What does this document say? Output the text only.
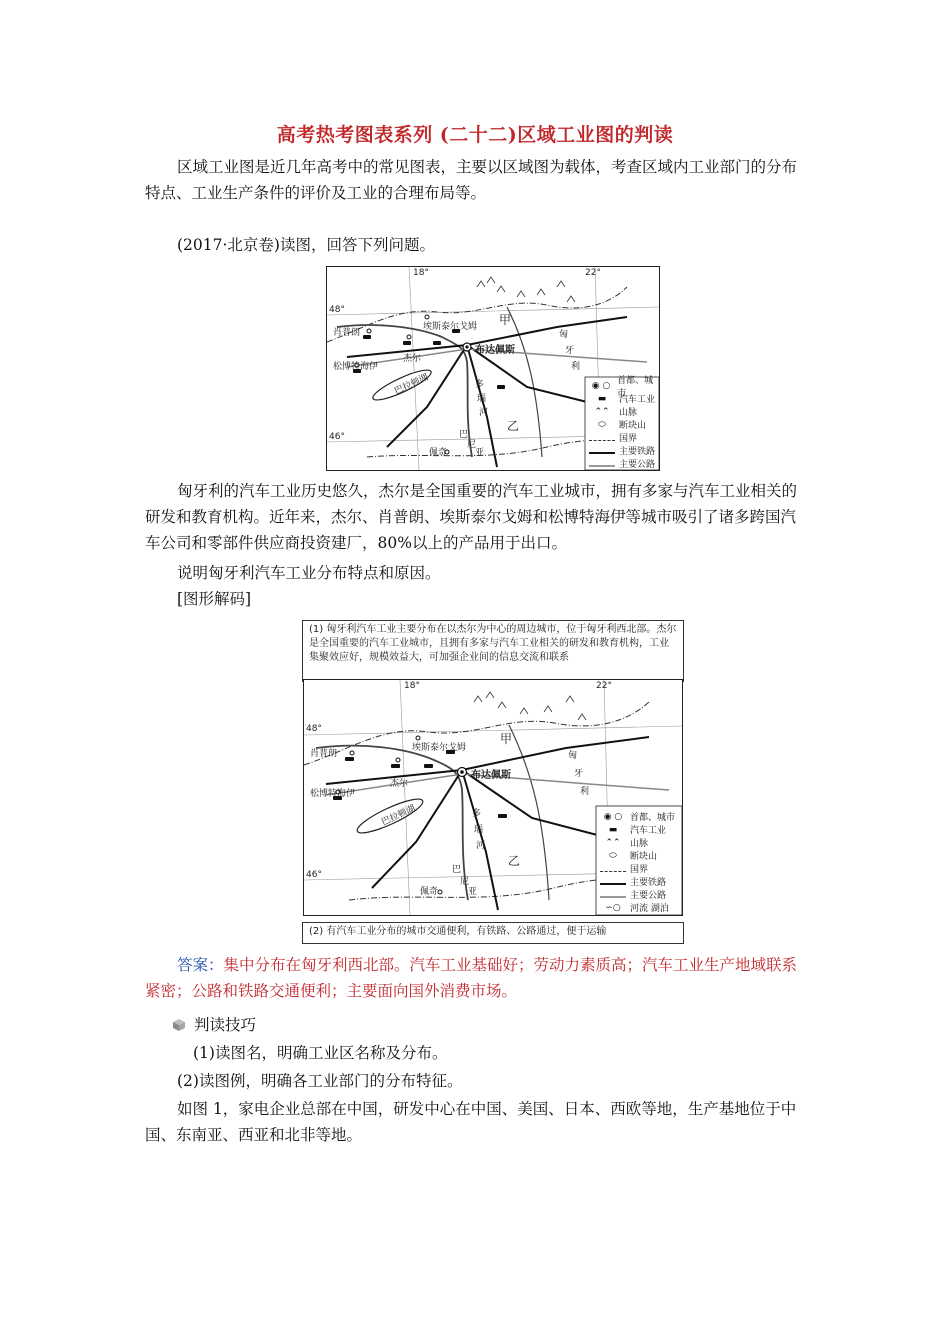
高考热考图表系列 (二十二)区域工业图的判读
区域工业图是近几年高考中的常见图表，主要以区域图为载体，考查区域内工业部门的分布特点、工业生产条件的评价及工业的合理布局等。
(2017·北京卷)读图，回答下列问题。
48°
46°
18°	22°
布达佩斯
杰尔
肖普朗
松博特海伊
埃斯泰尔戈姆
佩奇
巴拉顿湖
甲
乙
匈
牙
利
多
瑙
河
巴
尼
亚
◉ ○ 首都、城市
▬	汽车工业
⌃⌃	山脉
⬭	断块山
国界
主要铁路
主要公路
匈牙利的汽车工业历史悠久，杰尔是全国重要的汽车工业城市，拥有多家与汽车工业相关的研发和教育机构。近年来，杰尔、肖普朗、埃斯泰尔戈姆和松博特海伊等城市吸引了诸多跨国汽车公司和零部件供应商投资建厂，80%以上的产品用于出口。
说明匈牙利汽车工业分布特点和原因。
[图形解码]
(1) 匈牙利汽车工业主要分布在以杰尔为中心的周边城市，位于匈牙利西北部。杰尔是全国重要的汽车工业城市，且拥有多家与汽车工业相关的研发和教育机构，工业集聚效应好，规模效益大，可加强企业间的信息交流和联系
48°
46°
18°	22°
布达佩斯
杰尔
肖普朗
松博特海伊
埃斯泰尔戈姆
佩奇
巴拉顿湖
甲
乙
匈
牙
利
多
瑙
河
巴
尼
亚
◉ ○ 首都、城市
▬	汽车工业
⌃⌃	山脉
⬭	断块山
国界
主要铁路
主要公路
∽○	河流 湖泊
(2) 有汽车工业分布的城市交通便利，有铁路、公路通过，便于运输
答案：集中分布在匈牙利西北部。汽车工业基础好；劳动力素质高；汽车工业生产地域联系紧密；公路和铁路交通便利；主要面向国外消费市场。
判读技巧
(1)读图名，明确工业区名称及分布。
(2)读图例，明确各工业部门的分布特征。
如图 1，家电企业总部在中国，研发中心在中国、美国、日本、西欧等地，生产基地位于中国、东南亚、西亚和北非等地。
